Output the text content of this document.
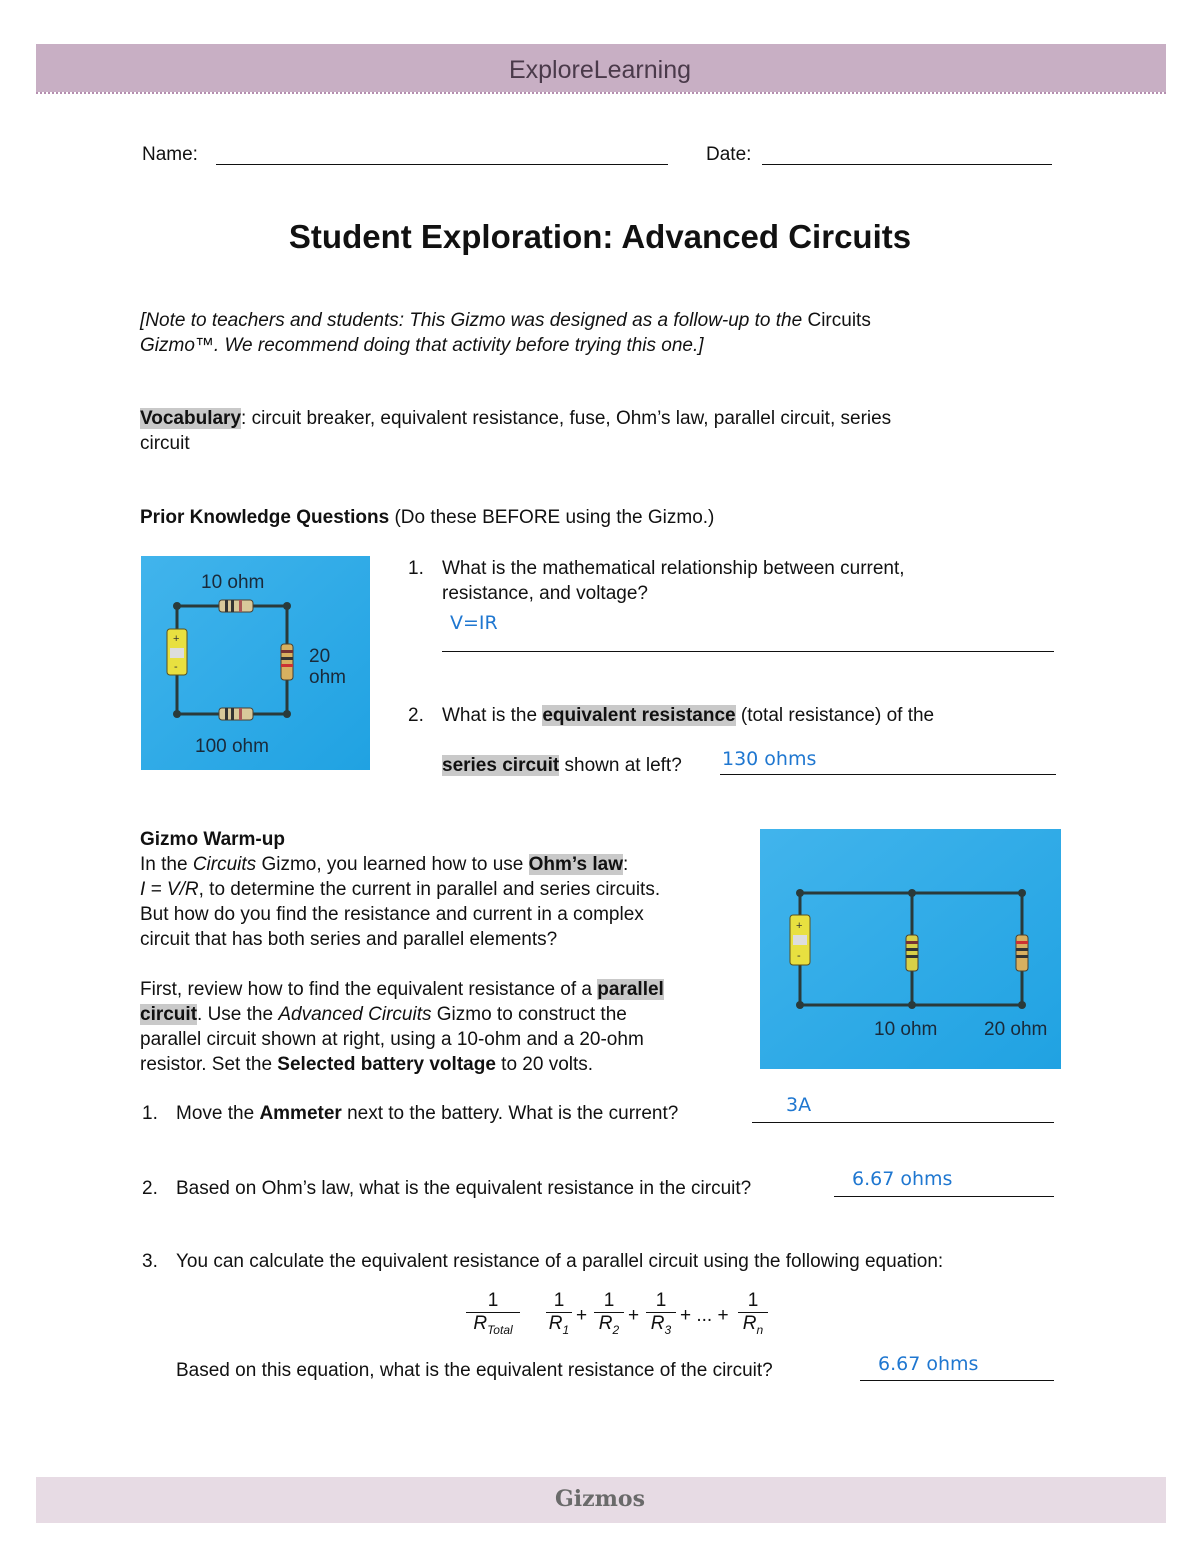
ExploreLearning
Name:	Date:
Student Exploration: Advanced Circuits
[Note to teachers and students: This Gizmo was designed as a follow-up to the Circuits
Gizmo™. We recommend doing that activity before trying this one.]
Vocabulary: circuit breaker, equivalent resistance, fuse, Ohm’s law, parallel circuit, series
circuit
Prior Knowledge Questions (Do these BEFORE using the Gizmo.)
+
-
10 ohm
20
ohm
100 ohm
1. What is the mathematical relationship between current,
resistance, and voltage?
V=IR
2. What is the equivalent resistance (total resistance) of the
series circuit shown at left? 130 ohms
Gizmo Warm-up
In the Circuits Gizmo, you learned how to use Ohm’s law:
I = V/R, to determine the current in parallel and series circuits.
But how do you find the resistance and current in a complex
circuit that has both series and parallel elements?

First, review how to find the equivalent resistance of a parallel
circuit. Use the Advanced Circuits Gizmo to construct the
parallel circuit shown at right, using a 10-ohm and a 20-ohm
resistor. Set the Selected battery voltage to 20 volts.
+
-
10 ohm 20 ohm
1. Move the Ammeter next to the battery. What is the current?	3A
2. Based on Ohm’s law, what is the equivalent resistance in the circuit?	6.67 ohms
3. You can calculate the equivalent resistance of a parallel circuit using the following equation:
1
$R_{Total}$	$\frac{1}{R_1} + \frac{1}{R_2} + \frac{1}{R_3}$ + ... + $\frac{1}{R_n}$
Based on this equation, what is the equivalent resistance of the circuit?	6.67 ohms
Gizmos
